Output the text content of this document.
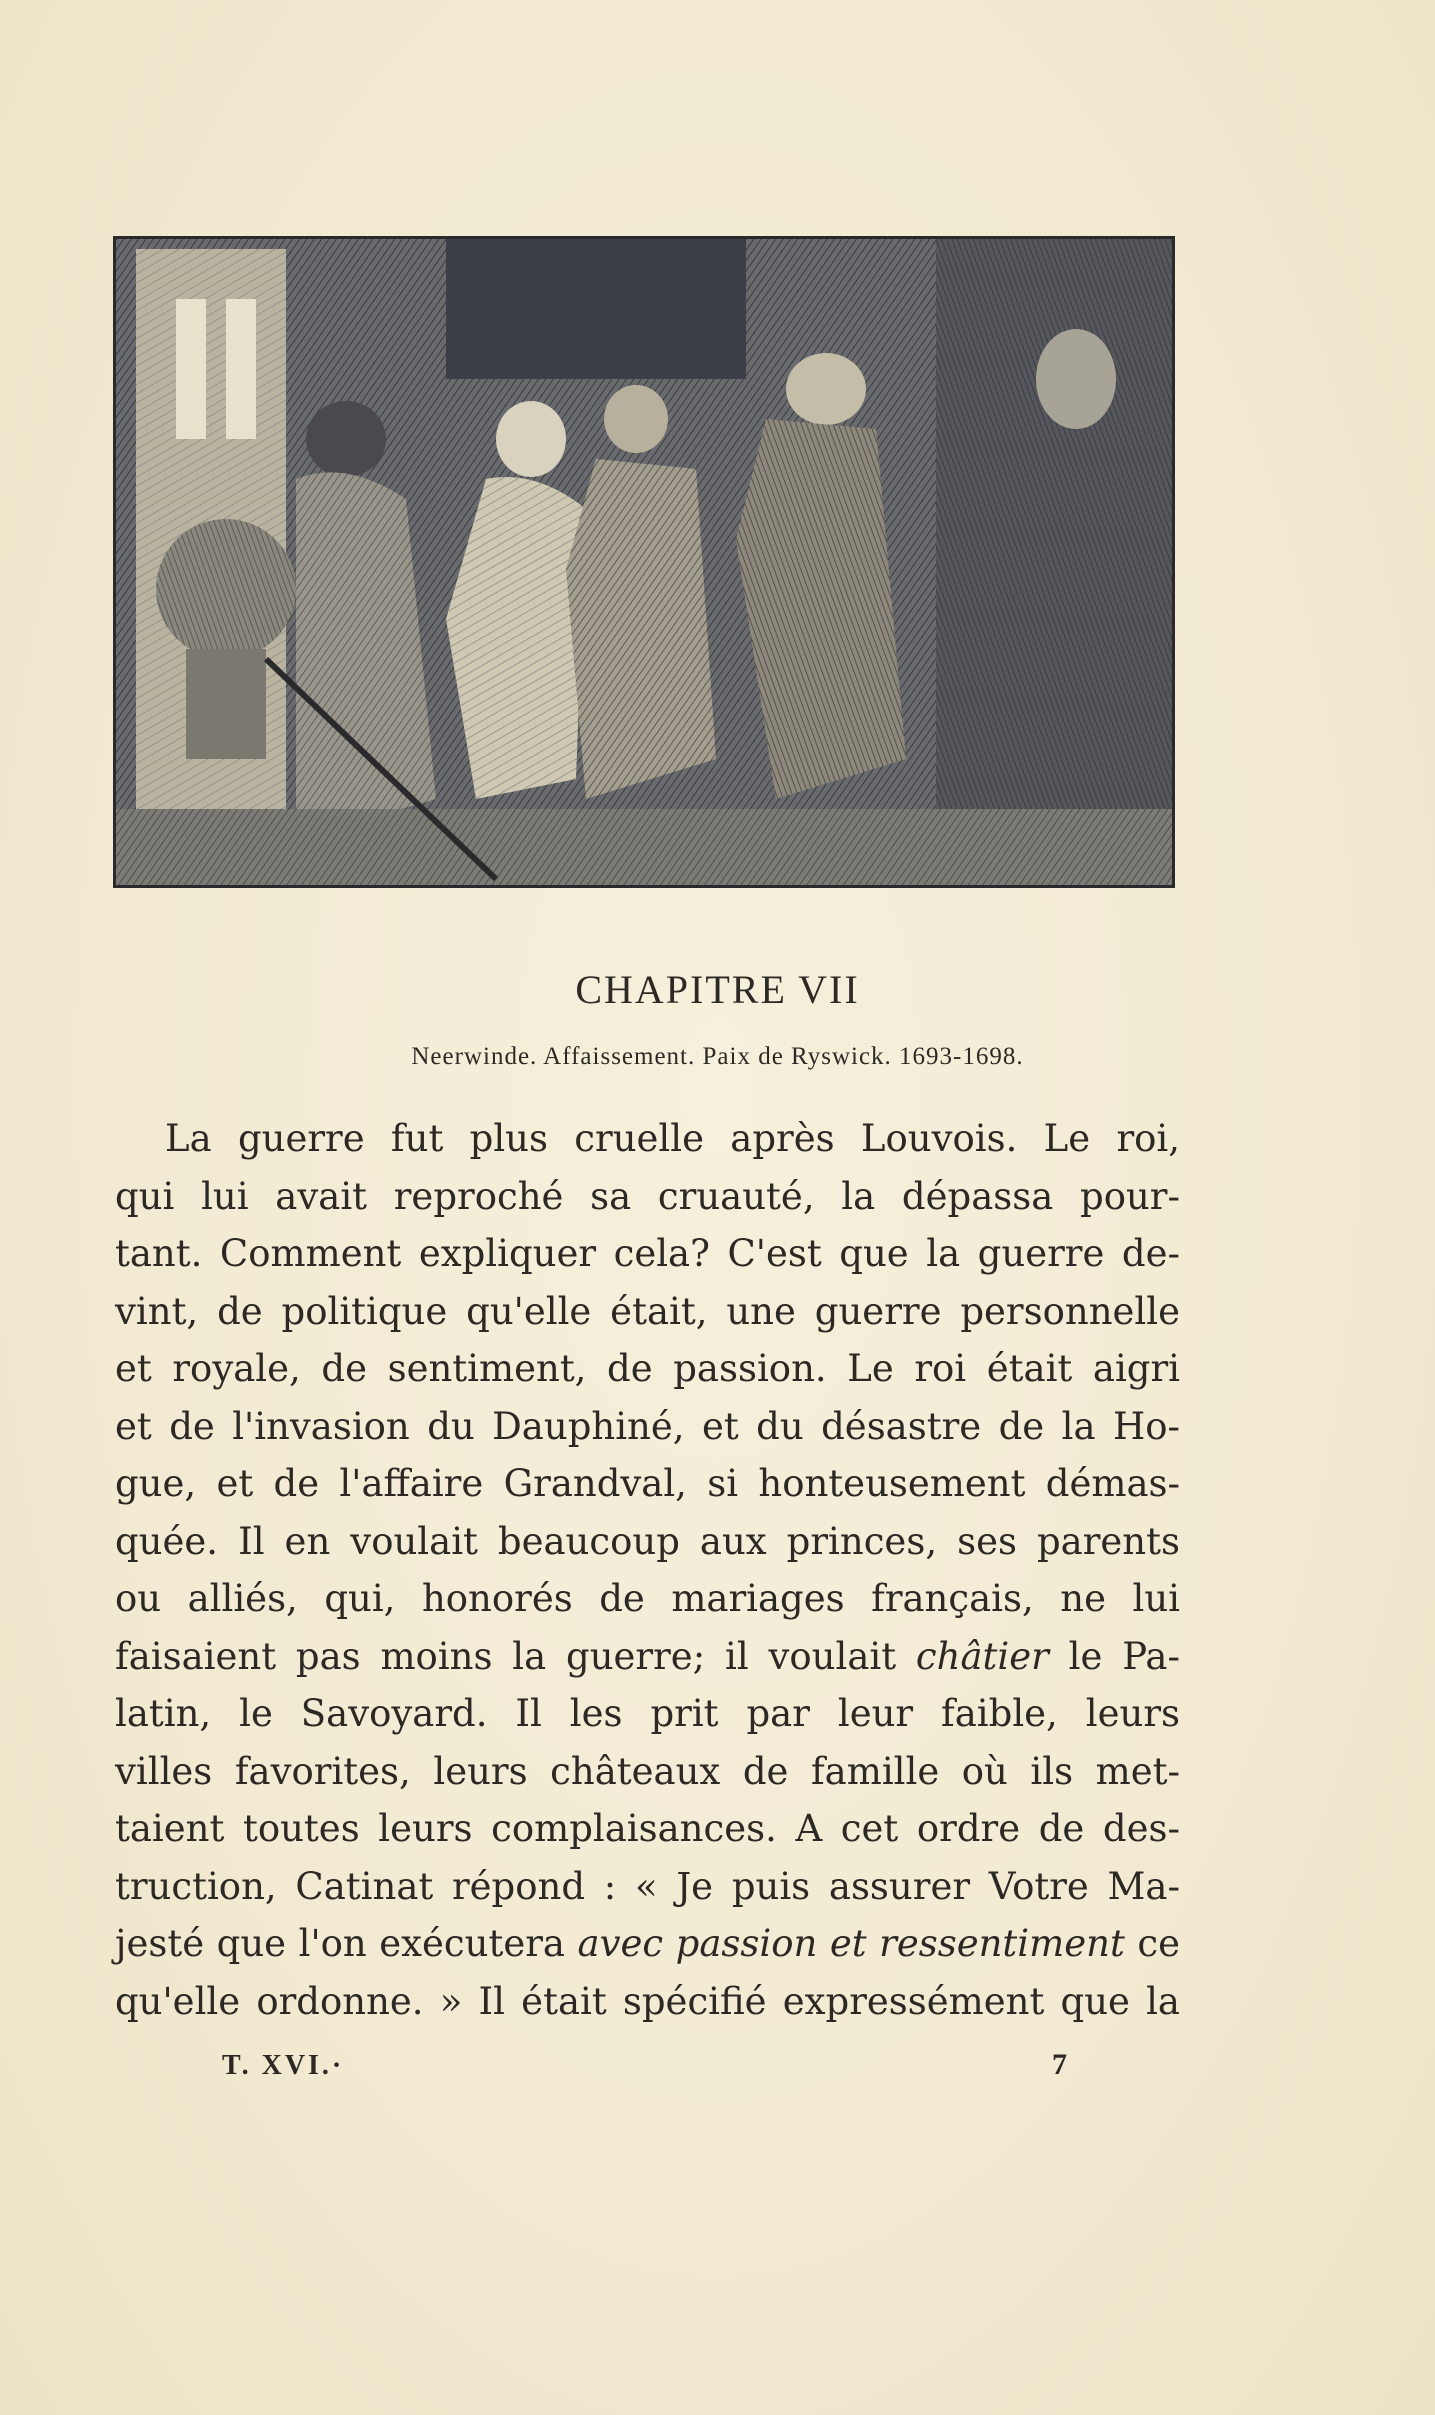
CHAPITRE VII
Neerwinde. Affaissement. Paix de Ryswick. 1693-1698.
La guerre fut plus cruelle après Louvois. Le roi,
qui lui avait reproché sa cruauté, la dépassa pour-
tant. Comment expliquer cela? C'est que la guerre de-
vint, de politique qu'elle était, une guerre personnelle
et royale, de sentiment, de passion. Le roi était aigri
et de l'invasion du Dauphiné, et du désastre de la Ho-
gue, et de l'affaire Grandval, si honteusement démas-
quée. Il en voulait beaucoup aux princes, ses parents
ou alliés, qui, honorés de mariages français, ne lui
faisaient pas moins la guerre; il voulait châtier le Pa-
latin, le Savoyard. Il les prit par leur faible, leurs
villes favorites, leurs châteaux de famille où ils met-
taient toutes leurs complaisances. A cet ordre de des-
truction, Catinat répond : « Je puis assurer Votre Ma-
jesté que l'on exécutera avec passion et ressentiment ce
qu'elle ordonne. » Il était spécifié expressément que la
T. XVI.·	7
